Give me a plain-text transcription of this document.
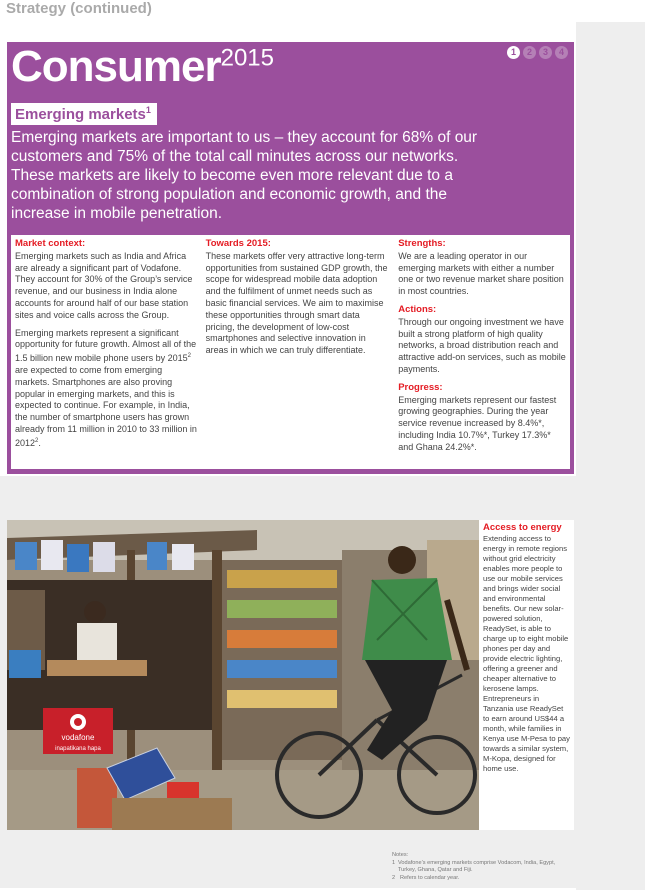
Strategy (continued)
Consumer$^{2015}$	1	2	3	4
Emerging markets$^1$
Emerging markets are important to us – they account for 68% of our customers and 75% of the total call minutes across our networks. These markets are likely to become even more relevant due to a combination of strong population and economic growth, and the increase in mobile penetration.
Market context:

Emerging markets such as India and Africa are already a significant part of Vodafone. They account for 30% of the Group’s service revenue, and our business in India alone accounts for around half of our base station sites and voice calls across the Group.

Emerging markets represent a significant opportunity for future growth. Almost all of the 1.5 billion new mobile phone users by 2015$^2$ are expected to come from emerging markets. Smartphones are also proving popular in emerging markets, and this is expected to continue. For example, in India, the number of smartphone users has grown already from 11 million in 2010 to 33 million in 2012$^2$.

Towards 2015:

These markets offer very attractive long-term opportunities from sustained GDP growth, the scope for widespread mobile data adoption and the fulfilment of unmet needs such as basic financial services. We aim to maximise these opportunities through smart data pricing, the development of low-cost smartphones and selective innovation in areas in which we can truly differentiate.

Strengths:

We are a leading operator in our emerging markets with either a number one or two revenue market share position in most countries.

Actions:

Through our ongoing investment we have built a strong platform of high quality networks, a broad distribution reach and attractive add-on services, such as mobile payments.

Progress:

Emerging markets represent our fastest growing geographies. During the year service revenue increased by 8.4%*, including India 10.7%*, Turkey 17.3%* and Ghana 24.2%*.

vodafone
inapatikana hapa
Access to energy

Extending access to energy in remote regions without grid electricity enables more people to use our mobile services and brings wider social and environmental benefits. Our new solar-powered solution, ReadySet, is able to charge up to eight mobile phones per day and provide electric lighting, offering a greener and cheaper alternative to kerosene lamps. Entrepreneurs in Tanzania use ReadySet to earn around US$44 a month, while families in Kenya use M-Pesa to pay towards a similar system, M-Kopa, designed for home use.

Notes:
1 Vodafone’s emerging markets comprise Vodacom, India, Egypt, Turkey, Ghana, Qatar and Fiji.
2 Refers to calendar year.
